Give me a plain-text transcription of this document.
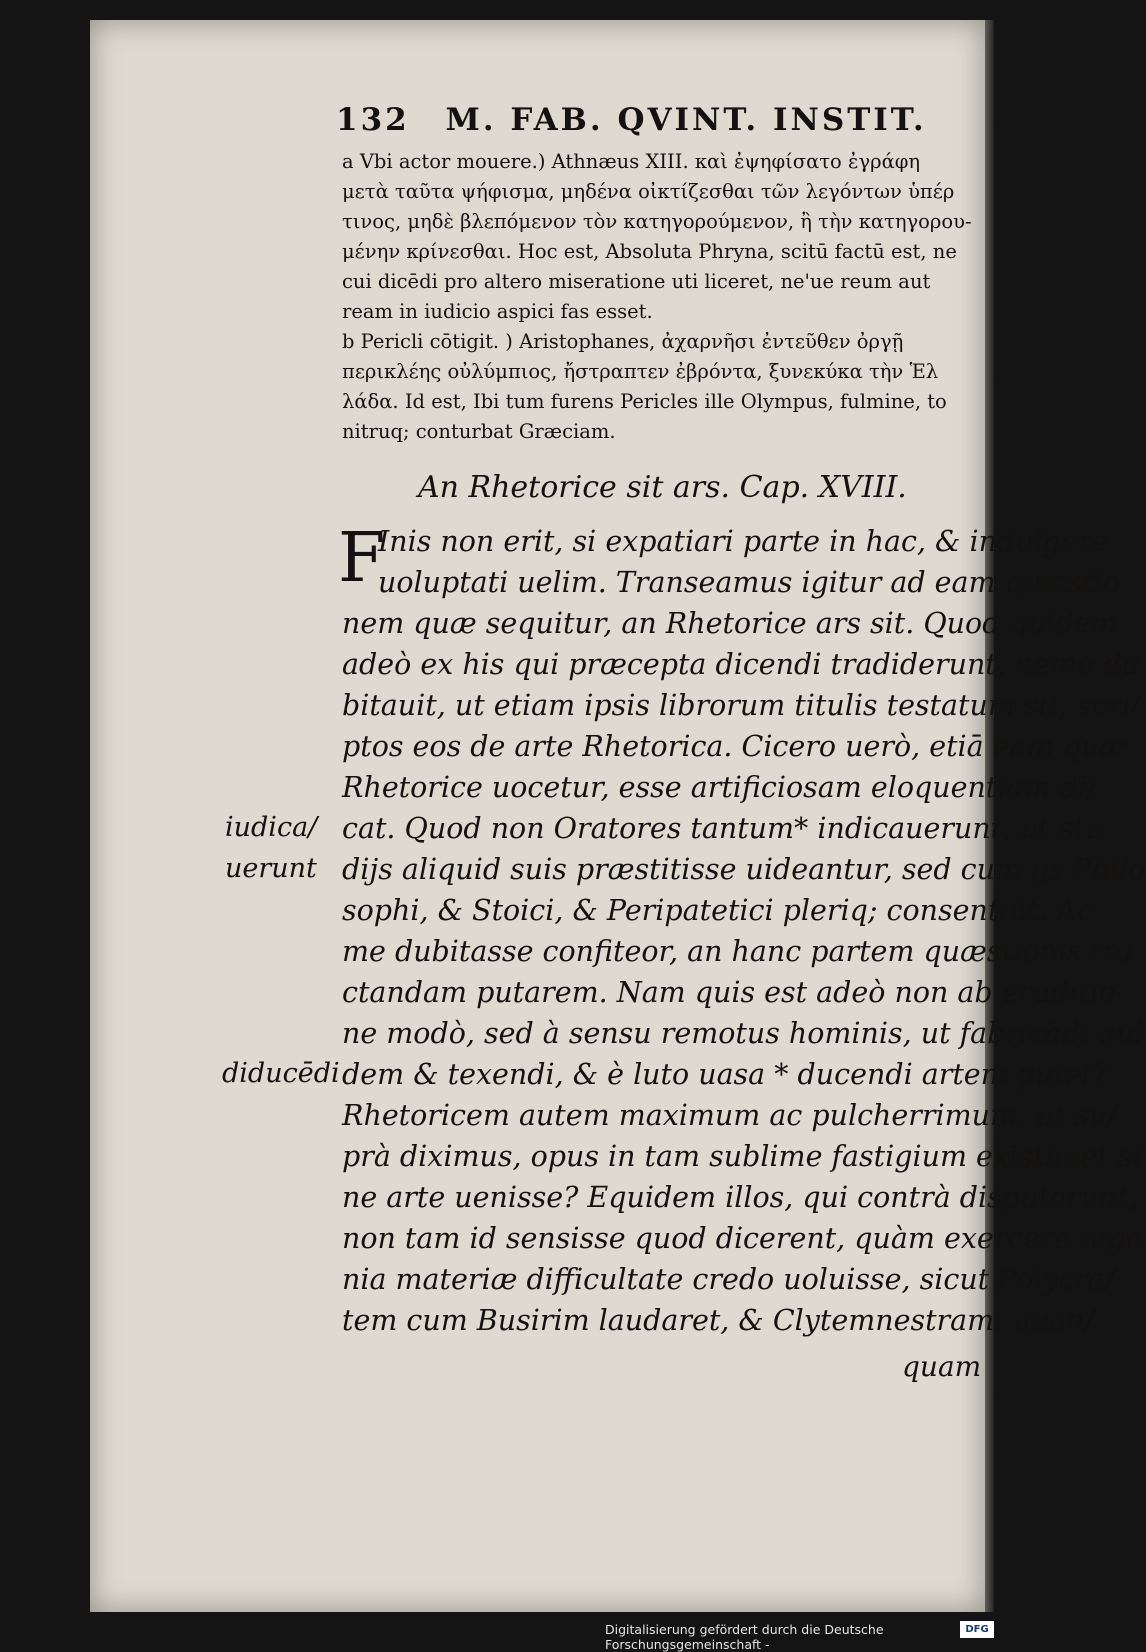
132 M. FAB. QVINT. INSTIT.
a Vbi actor mouere.) Athnæus XIII. καὶ ἐψηφίσατο ἐγράφη
μετὰ ταῦτα ψήφισμα, μηδένα οἰκτίζεσθαι τῶν λεγόντων ὑπέρ
τινος, μηδὲ βλεπόμενον τὸν κατηγορούμενον, ἢ τὴν κατηγορου-
μένην κρίνεσθαι. Hoc est, Absoluta Phryna, scitū factū est, ne
cui dicēdi pro altero miseratione uti liceret, ne'ue reum aut
ream in iudicio aspici fas esset.
b Pericli cōtigit. ) Aristophanes, ἀχαρνῆσι ἐντεῦθεν ὀργῇ
περικλέης οὐλύμπιος, ἤστραπτεν ἐβρόντα, ξυνεκύκα τὴν Ἑλ
λάδα. Id est, Ibi tum furens Pericles ille Olympus, fulmine, to
nitruq; conturbat Græciam.
An Rhetorice sit ars. Cap. XVIII.
F
Inis non erit, si expatiari parte in hac, & indulgere
uoluptati uelim. Transeamus igitur ad eam quæstio
nem quæ sequitur, an Rhetorice ars sit. Quod quidem
adeò ex his qui præcepta dicendi tradiderunt, nemo du
bitauit, ut etiam ipsis librorum titulis testatum sit, scri/
ptos eos de arte Rhetorica. Cicero uerò, etiā eam quæ
Rhetorice uocetur, esse artificiosam eloquentiam di/
cat. Quod non Oratores tantum* indicauerunt, ut stu
dijs aliquid suis præstitisse uideantur, sed cum ijs Philo
sophi, & Stoici, & Peripatetici pleriq; consentiūt. Ac
me dubitasse confiteor, an hanc partem quæstionis tra
ctandam putarem. Nam quis est adeò non ab eruditio-
ne modò, sed à sensu remotus hominis, ut fabricādi qui
dem & texendi, & è luto uasa * ducendi artem putet?
Rhetoricem autem maximum ac pulcherrimum, ut su/
prà diximus, opus in tam sublime fastigium existimet si
ne arte uenisse? Equidem illos, qui contrà disputarunt,
non tam id sensisse quod dicerent, quàm exercere inge
nia materiæ difficultate credo uoluisse, sicut Polycra/
tem cum Busirim laudaret, & Clytemnestram: quan/
iudica/
uerunt
diducēdi
quam
Digitalisierung gefördert durch die Deutsche Forschungsgemeinschaft -
DFG
